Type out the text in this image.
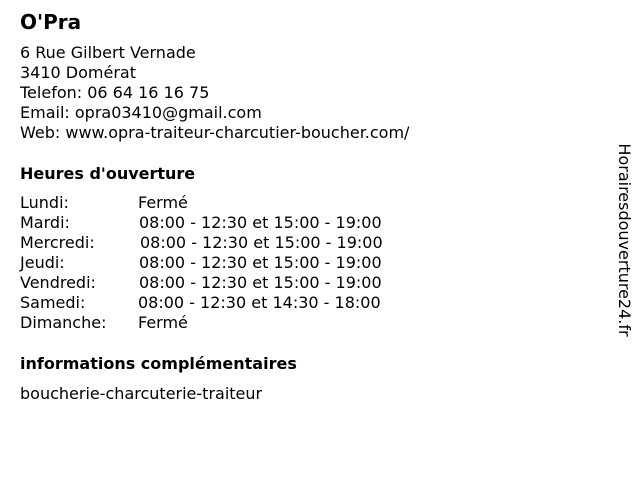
O'Pra
6 Rue Gilbert Vernade
3410 Domérat
Telefon: 06 64 16 16 75
Email: opra03410@gmail.com
Web: www.opra-traiteur-charcutier-boucher.com/
Heures d'ouverture
Lundi:	Fermé
Mardi:	08:00 - 12:30 et 15:00 - 19:00
Mercredi:	08:00 - 12:30 et 15:00 - 19:00
Jeudi:	08:00 - 12:30 et 15:00 - 19:00
Vendredi:	08:00 - 12:30 et 15:00 - 19:00
Samedi:	08:00 - 12:30 et 14:30 - 18:00
Dimanche: Fermé
informations complémentaires
boucherie-charcuterie-traiteur
Horairesdouverture24.fr
